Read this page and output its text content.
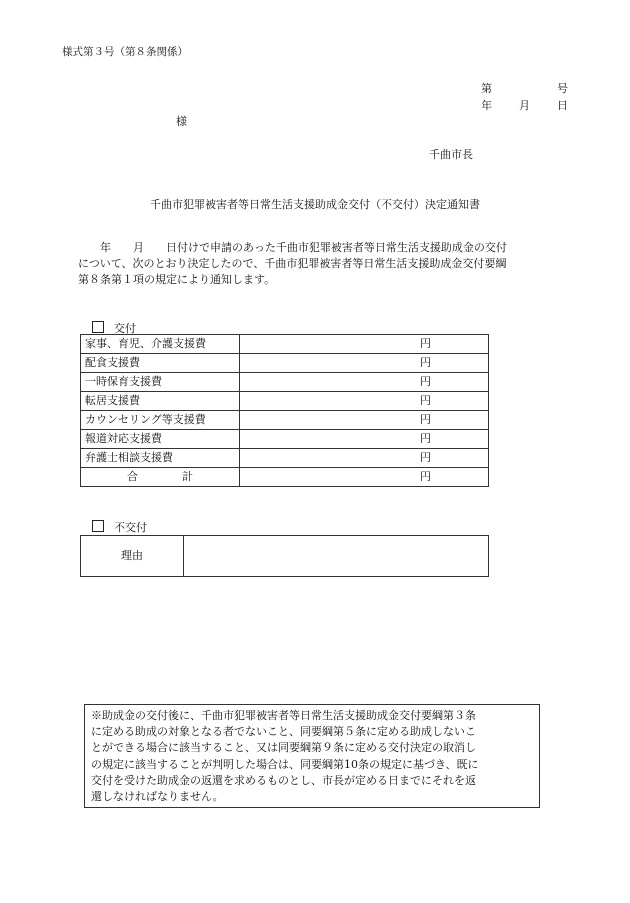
様式第３号（第８条関係）
第	号
年 月 日
様
千曲市長
千曲市犯罪被害者等日常生活支援助成金交付（不交付）決定通知書
　　年　　月　　日付けで申請のあった千曲市犯罪被害者等日常生活支援助成金の交付
について、次のとおり決定したので、千曲市犯罪被害者等日常生活支援助成金交付要綱
第８条第１項の規定により通知します。
交付
家事、育児、介護支援費	円
配食支援費	円
一時保育支援費	円
転居支援費	円
カウンセリング等支援費	円
報道対応支援費	円
弁護士相談支援費	円
合　　　　計	円
不交付
理由
※助成金の交付後に、千曲市犯罪被害者等日常生活支援助成金交付要綱第３条
に定める助成の対象となる者でないこと、同要綱第５条に定める助成しないこ
とができる場合に該当すること、又は同要綱第９条に定める交付決定の取消し
の規定に該当することが判明した場合は、同要綱第10条の規定に基づき、既に
交付を受けた助成金の返還を求めるものとし、市長が定める日までにそれを返
還しなければなりません。
